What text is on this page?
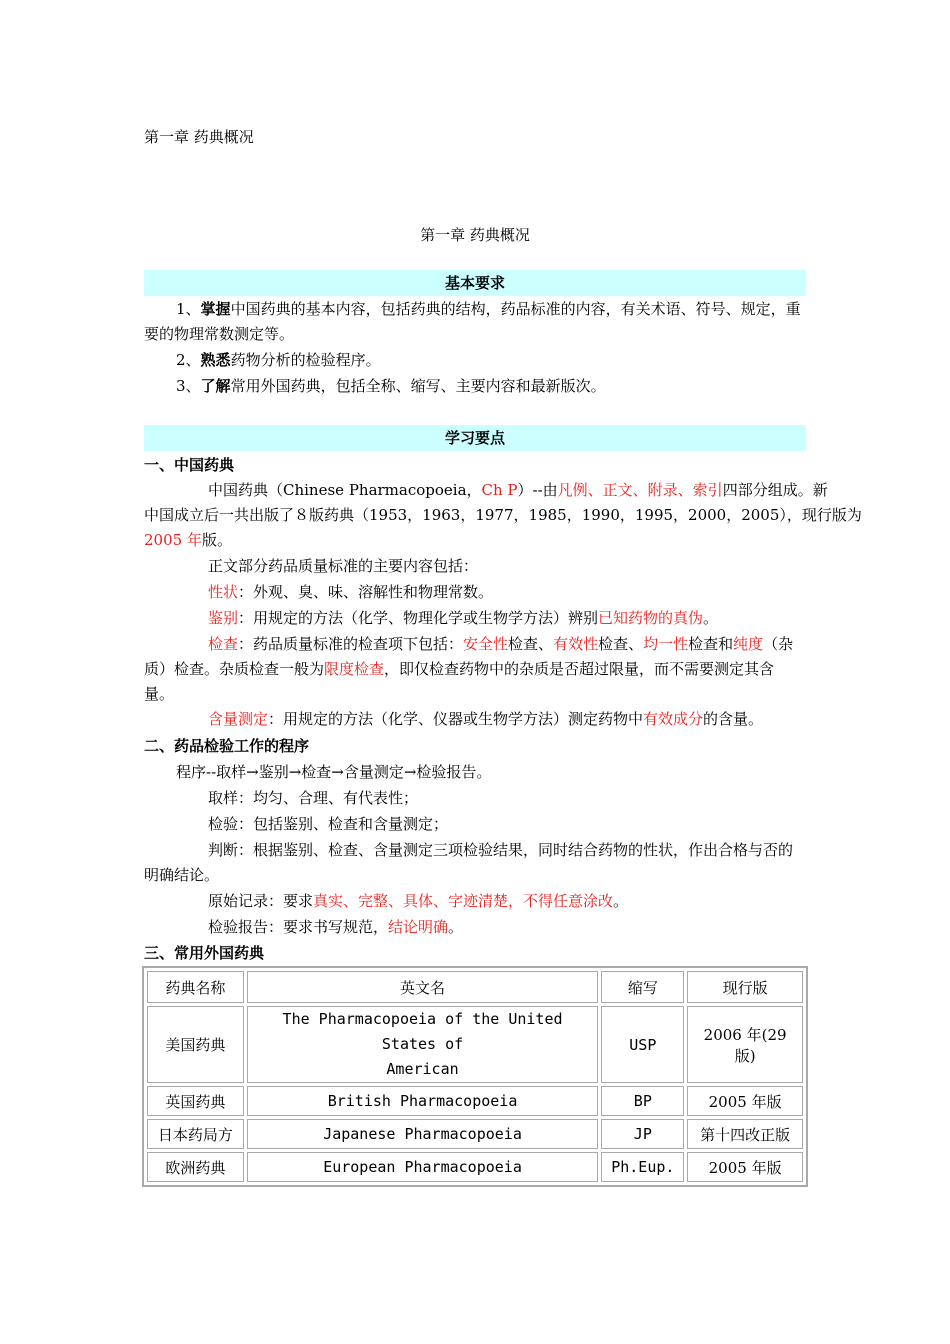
第一章 药典概况
第一章 药典概况
基本要求
1、掌握中国药典的基本内容，包括药典的结构，药品标准的内容，有关术语、符号、规定，重
要的物理常数测定等。
2、熟悉药物分析的检验程序。
3、了解常用外国药典，包括全称、缩写、主要内容和最新版次。
学习要点
一、中国药典
中国药典（Chinese Pharmacopoeia，Ch P）--由凡例、正文、附录、索引四部分组成。新
中国成立后一共出版了８版药典（1953，1963，1977，1985，1990，1995，2000，2005），现行版为
2005 年版。
正文部分药品质量标准的主要内容包括：
性状：外观、臭、味、溶解性和物理常数。
鉴别：用规定的方法（化学、物理化学或生物学方法）辨别已知药物的真伪。
检查：药品质量标准的检查项下包括：安全性检查、有效性检查、均一性检查和纯度（杂
质）检查。杂质检查一般为限度检查，即仅检查药物中的杂质是否超过限量，而不需要测定其含
量。
含量测定：用规定的方法（化学、仪器或生物学方法）测定药物中有效成分的含量。
二、药品检验工作的程序
程序--取样→鉴别→检查→含量测定→检验报告。
取样：均匀、合理、有代表性；
检验：包括鉴别、检查和含量测定；
判断：根据鉴别、检查、含量测定三项检验结果，同时结合药物的性状，作出合格与否的
明确结论。
原始记录：要求真实、完整、具体、字迹清楚，不得任意涂改。
检验报告：要求书写规范，结论明确。
三、常用外国药典
药典名称	英文名	缩写	现行版
美国药典	The Pharmacopoeia of the United States of
American	USP	2006 年(29 版)
英国药典	British Pharmacopoeia	BP	2005 年版
日本药局方	Japanese Pharmacopoeia	JP	第十四改正版
欧洲药典	European Pharmacopoeia	Ph.Eup.	2005 年版
